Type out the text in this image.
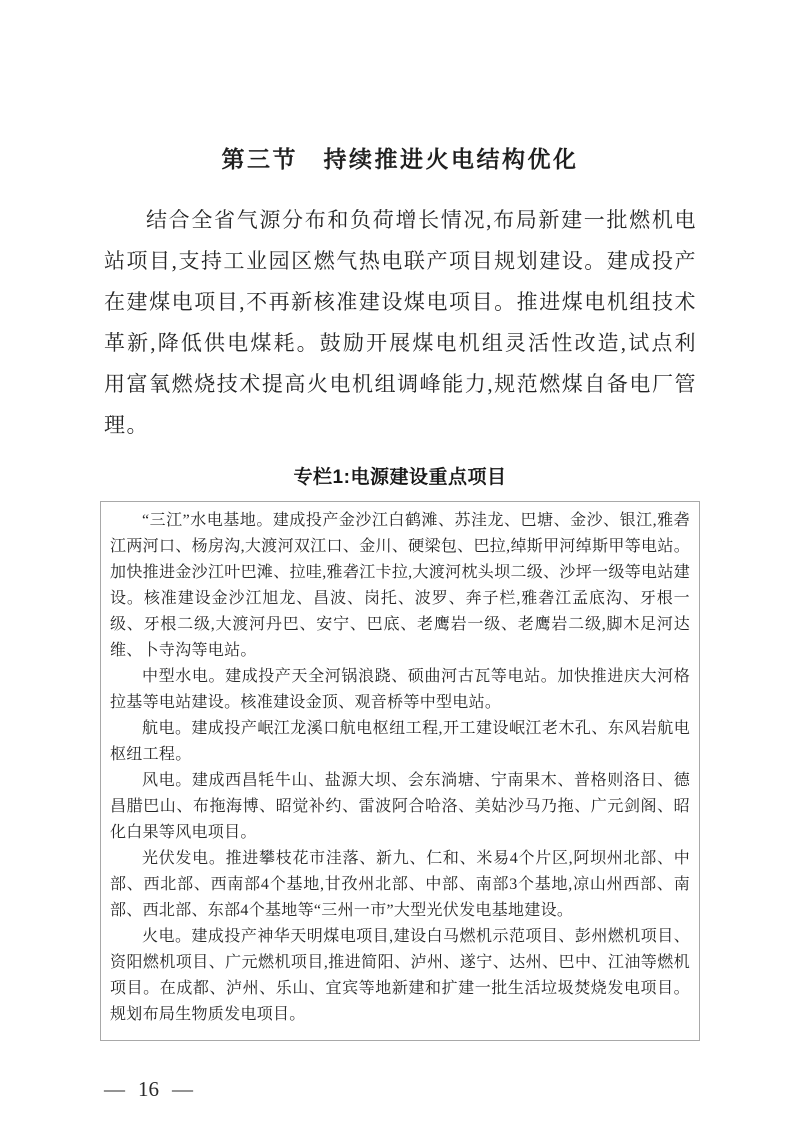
第三节　持续推进火电结构优化

结合全省气源分布和负荷增长情况,布局新建一批燃机电站项目,支持工业园区燃气热电联产项目规划建设。建成投产在建煤电项目,不再新核准建设煤电项目。推进煤电机组技术革新,降低供电煤耗。鼓励开展煤电机组灵活性改造,试点利用富氧燃烧技术提高火电机组调峰能力,规范燃煤自备电厂管理。

专栏1:电源建设重点项目

“三江”水电基地。建成投产金沙江白鹤滩、苏洼龙、巴塘、金沙、银江,雅砻江两河口、杨房沟,大渡河双江口、金川、硬梁包、巴拉,绰斯甲河绰斯甲等电站。加快推进金沙江叶巴滩、拉哇,雅砻江卡拉,大渡河枕头坝二级、沙坪一级等电站建设。核准建设金沙江旭龙、昌波、岗托、波罗、奔子栏,雅砻江孟底沟、牙根一级、牙根二级,大渡河丹巴、安宁、巴底、老鹰岩一级、老鹰岩二级,脚木足河达维、卜寺沟等电站。

中型水电。建成投产天全河锅浪跷、硕曲河古瓦等电站。加快推进庆大河格拉基等电站建设。核准建设金顶、观音桥等中型电站。

航电。建成投产岷江龙溪口航电枢纽工程,开工建设岷江老木孔、东风岩航电枢纽工程。

风电。建成西昌牦牛山、盐源大坝、会东淌塘、宁南果木、普格则洛日、德昌腊巴山、布拖海博、昭觉补约、雷波阿合哈洛、美姑沙马乃拖、广元剑阁、昭化白果等风电项目。

光伏发电。推进攀枝花市洼落、新九、仁和、米易4个片区,阿坝州北部、中部、西北部、西南部4个基地,甘孜州北部、中部、南部3个基地,凉山州西部、南部、西北部、东部4个基地等“三州一市”大型光伏发电基地建设。

火电。建成投产神华天明煤电项目,建设白马燃机示范项目、彭州燃机项目、资阳燃机项目、广元燃机项目,推进简阳、泸州、遂宁、达州、巴中、江油等燃机项目。在成都、泸州、乐山、宜宾等地新建和扩建一批生活垃圾焚烧发电项目。规划布局生物质发电项目。

— 16 —
